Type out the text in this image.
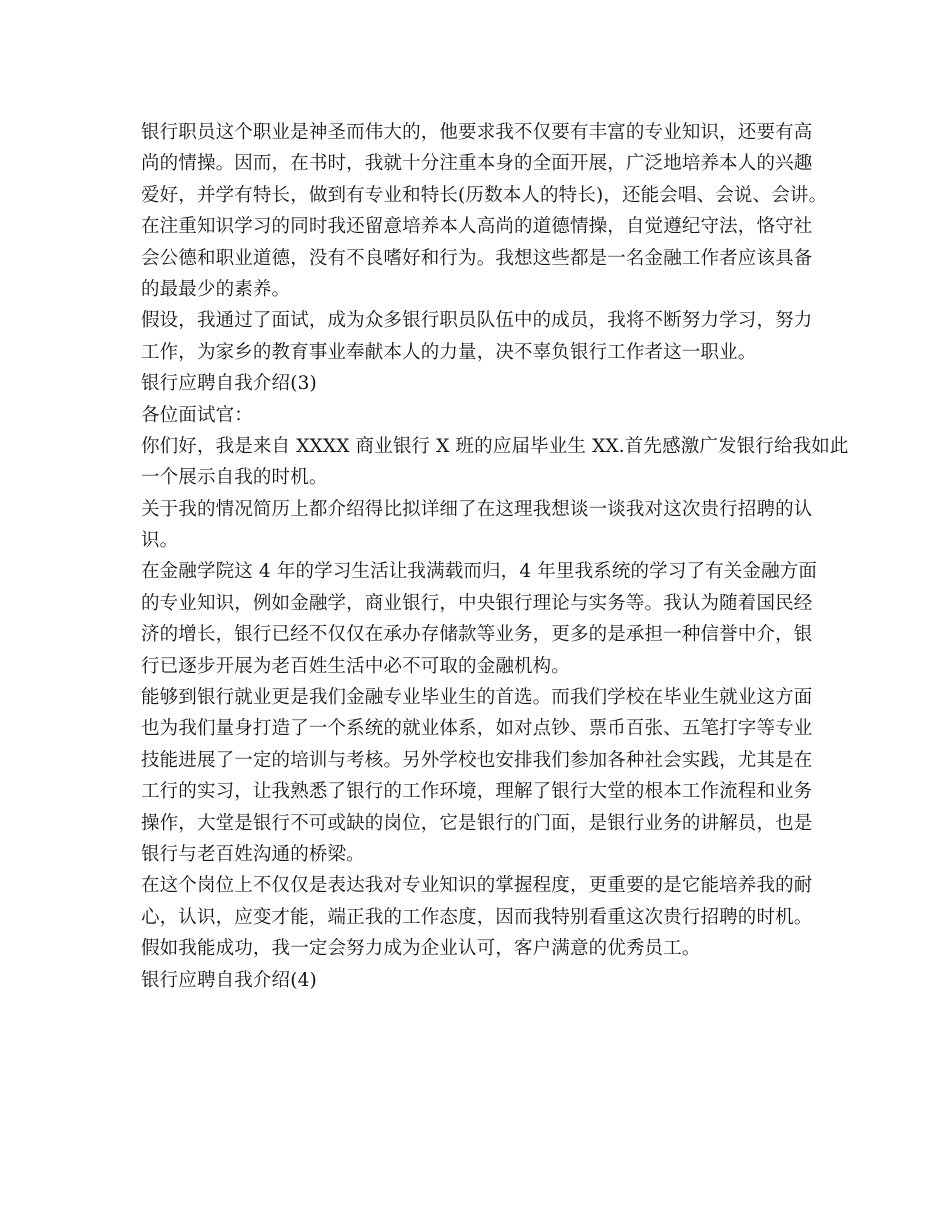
银行职员这个职业是神圣而伟大的，他要求我不仅要有丰富的专业知识，还要有高
尚的情操。因而，在书时，我就十分注重本身的全面开展，广泛地培养本人的兴趣
爱好，并学有特长，做到有专业和特长(历数本人的特长)，还能会唱、会说、会讲。
在注重知识学习的同时我还留意培养本人高尚的道德情操，自觉遵纪守法，恪守社
会公德和职业道德，没有不良嗜好和行为。我想这些都是一名金融工作者应该具备
的最最少的素养。
假设，我通过了面试，成为众多银行职员队伍中的成员，我将不断努力学习，努力
工作，为家乡的教育事业奉献本人的力量，决不辜负银行工作者这一职业。
银行应聘自我介绍(3)
各位面试官：
你们好，我是来自 XXXX 商业银行 X 班的应届毕业生 XX.首先感激广发银行给我如此
一个展示自我的时机。
关于我的情况简历上都介绍得比拟详细了在这理我想谈一谈我对这次贵行招聘的认
识。
在金融学院这 4 年的学习生活让我满载而归，4 年里我系统的学习了有关金融方面
的专业知识，例如金融学，商业银行，中央银行理论与实务等。我认为随着国民经
济的增长，银行已经不仅仅在承办存储款等业务，更多的是承担一种信誉中介，银
行已逐步开展为老百姓生活中必不可取的金融机构。
能够到银行就业更是我们金融专业毕业生的首选。而我们学校在毕业生就业这方面
也为我们量身打造了一个系统的就业体系，如对点钞、票币百张、五笔打字等专业
技能进展了一定的培训与考核。另外学校也安排我们参加各种社会实践，尤其是在
工行的实习，让我熟悉了银行的工作环境，理解了银行大堂的根本工作流程和业务
操作，大堂是银行不可或缺的岗位，它是银行的门面，是银行业务的讲解员，也是
银行与老百姓沟通的桥梁。
在这个岗位上不仅仅是表达我对专业知识的掌握程度，更重要的是它能培养我的耐
心，认识，应变才能，端正我的工作态度，因而我特别看重这次贵行招聘的时机。
假如我能成功，我一定会努力成为企业认可，客户满意的优秀员工。
银行应聘自我介绍(4)
